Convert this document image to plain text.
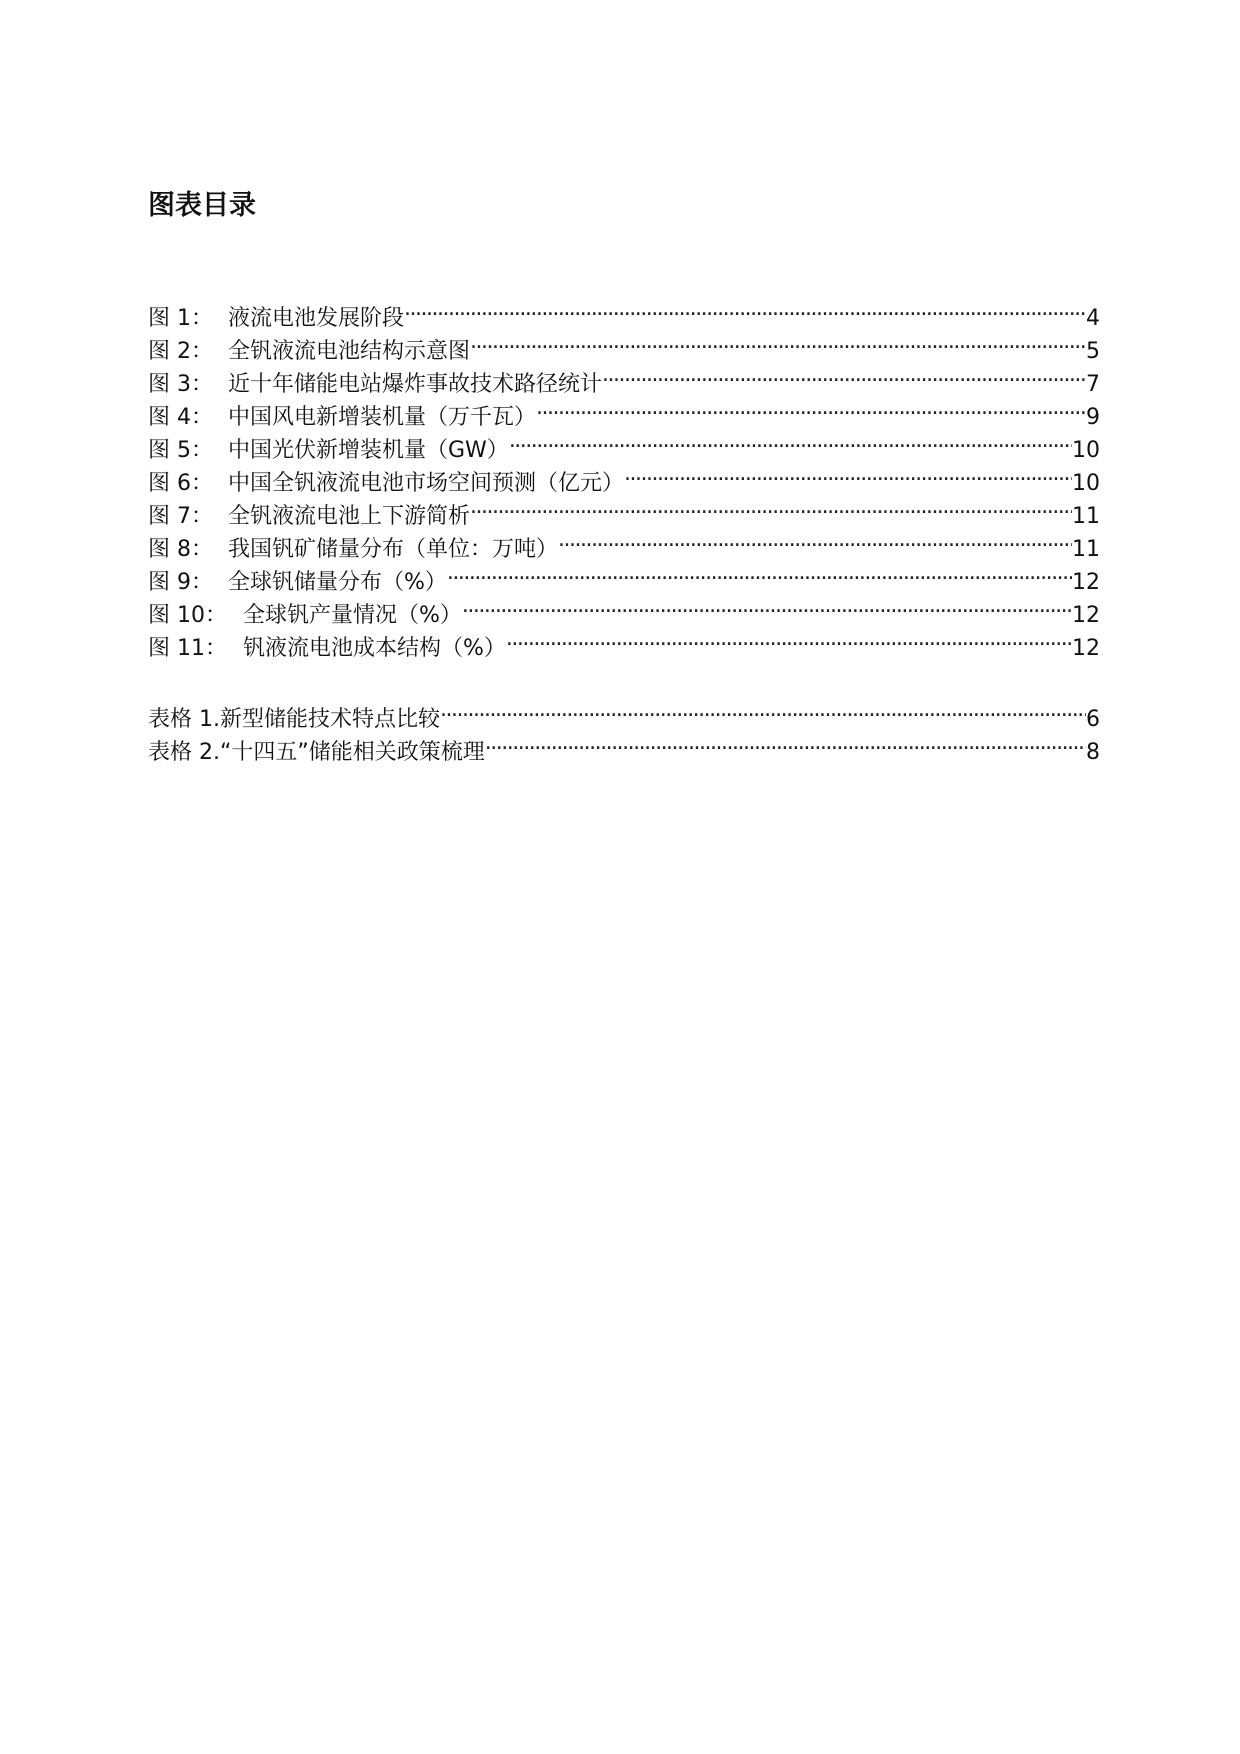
图表目录
图 1： 液流电池发展阶段 .....	4
图 2： 全钒液流电池结构示意图 .....	5
图 3： 近十年储能电站爆炸事故技术路径统计 .....	7
图 4： 中国风电新增装机量（万千瓦） .....	9
图 5： 中国光伏新增装机量（GW） .....	10
图 6： 中国全钒液流电池市场空间预测（亿元） .....	10
图 7： 全钒液流电池上下游简析 .....	11
图 8： 我国钒矿储量分布（单位：万吨） .....	11
图 9： 全球钒储量分布（%） .....	12
图 10： 全球钒产量情况（%） .....	12
图 11： 钒液流电池成本结构（%） .....	12
表格 1. 新型储能技术特点比较 .....	6
表格 2. “十四五”储能相关政策梳理 .....	8
